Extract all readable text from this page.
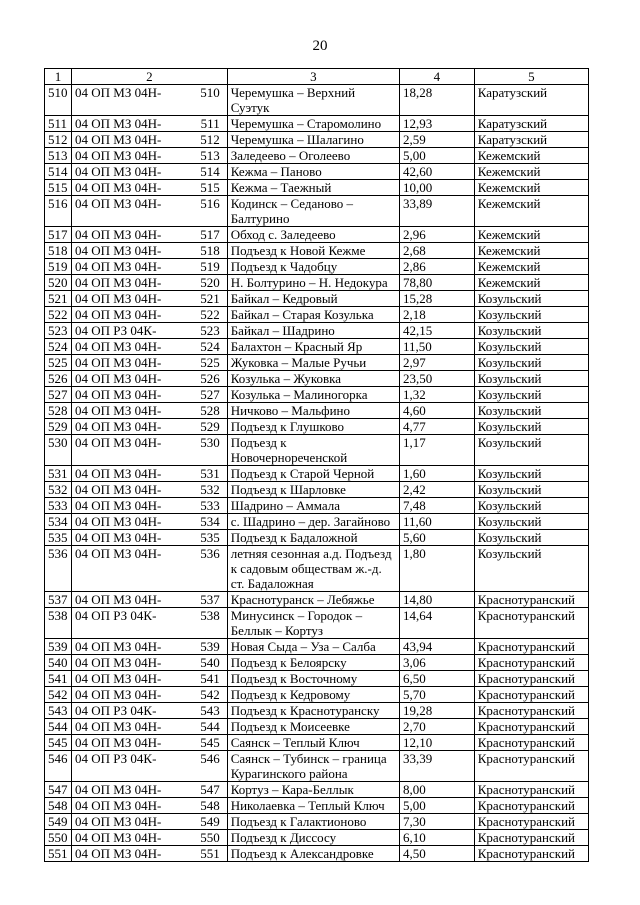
20
1	2	3	4	5
510	04 ОП МЗ 04Н- 510	Черемушка – Верхний Суэтук	18,28	Каратузский
511	04 ОП МЗ 04Н- 511	Черемушка – Старомолино	12,93	Каратузский
512	04 ОП МЗ 04Н- 512	Черемушка – Шалагино	2,59	Каратузский
513	04 ОП МЗ 04Н- 513	Заледеево – Оголеево	5,00	Кежемский
514	04 ОП МЗ 04Н- 514	Кежма – Паново	42,60	Кежемский
515	04 ОП МЗ 04Н- 515	Кежма – Таежный	10,00	Кежемский
516	04 ОП МЗ 04Н- 516	Кодинск – Седаново – Балтурино	33,89	Кежемский
517	04 ОП МЗ 04Н- 517	Обход с. Заледеево	2,96	Кежемский
518	04 ОП МЗ 04Н- 518	Подъезд к Новой Кежме	2,68	Кежемский
519	04 ОП МЗ 04Н- 519	Подъезд к Чадобцу	2,86	Кежемский
520	04 ОП МЗ 04Н- 520	Н. Болтурино – Н. Недокура	78,80	Кежемский
521	04 ОП МЗ 04Н- 521	Байкал – Кедровый	15,28	Козульский
522	04 ОП МЗ 04Н- 522	Байкал – Старая Козулька	2,18	Козульский
523	04 ОП РЗ 04К- 523	Байкал – Шадрино	42,15	Козульский
524	04 ОП МЗ 04Н- 524	Балахтон – Красный Яр	11,50	Козульский
525	04 ОП МЗ 04Н- 525	Жуковка – Малые Ручьи	2,97	Козульский
526	04 ОП МЗ 04Н- 526	Козулька – Жуковка	23,50	Козульский
527	04 ОП МЗ 04Н- 527	Козулька – Малиногорка	1,32	Козульский
528	04 ОП МЗ 04Н- 528	Ничково – Мальфино	4,60	Козульский
529	04 ОП МЗ 04Н- 529	Подъезд к Глушково	4,77	Козульский
530	04 ОП МЗ 04Н- 530	Подъезд к Новочернореченской	1,17	Козульский
531	04 ОП МЗ 04Н- 531	Подъезд к Старой Черной	1,60	Козульский
532	04 ОП МЗ 04Н- 532	Подъезд к Шарловке	2,42	Козульский
533	04 ОП МЗ 04Н- 533	Шадрино – Аммала	7,48	Козульский
534	04 ОП МЗ 04Н- 534	с. Шадрино – дер. Загайново	11,60	Козульский
535	04 ОП МЗ 04Н- 535	Подъезд к Бадаложной	5,60	Козульский
536	04 ОП МЗ 04Н- 536	летняя сезонная а.д. Подъезд к садовым обществам ж.-д. ст. Бадаложная	1,80	Козульский
537	04 ОП МЗ 04Н- 537	Краснотуранск – Лебяжье	14,80	Краснотуранский
538	04 ОП РЗ 04К- 538	Минусинск – Городок – Беллык – Кортуз	14,64	Краснотуранский
539	04 ОП МЗ 04Н- 539	Новая Сыда – Уза – Салба	43,94	Краснотуранский
540	04 ОП МЗ 04Н- 540	Подъезд к Белоярску	3,06	Краснотуранский
541	04 ОП МЗ 04Н- 541	Подъезд к Восточному	6,50	Краснотуранский
542	04 ОП МЗ 04Н- 542	Подъезд к Кедровому	5,70	Краснотуранский
543	04 ОП РЗ 04К- 543	Подъезд к Краснотуранску	19,28	Краснотуранский
544	04 ОП МЗ 04Н- 544	Подъезд к Моисеевке	2,70	Краснотуранский
545	04 ОП МЗ 04Н- 545	Саянск – Теплый Ключ	12,10	Краснотуранский
546	04 ОП РЗ 04К- 546	Саянск – Тубинск – граница Курагинского района	33,39	Краснотуранский
547	04 ОП МЗ 04Н- 547	Кортуз – Кара-Беллык	8,00	Краснотуранский
548	04 ОП МЗ 04Н- 548	Николаевка – Теплый Ключ	5,00	Краснотуранский
549	04 ОП МЗ 04Н- 549	Подъезд к Галактионово	7,30	Краснотуранский
550	04 ОП МЗ 04Н- 550	Подъезд к Диссосу	6,10	Краснотуранский
551	04 ОП МЗ 04Н- 551	Подъезд к Александровке	4,50	Краснотуранский
